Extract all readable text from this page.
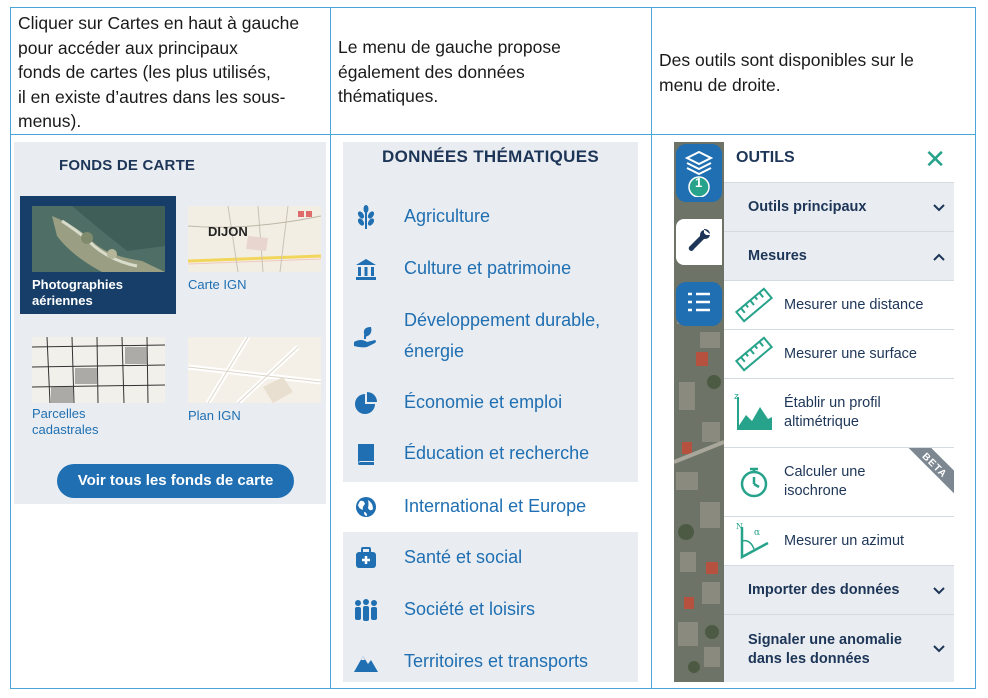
Cliquer sur Cartes en haut à gauche
pour accéder aux principaux
fonds de cartes (les plus utilisés,
il en existe d’autres dans les sous-
menus).
Le menu de gauche propose
également des données
thématiques.
Des outils sont disponibles sur le
menu de droite.
FONDS DE CARTE
Photographies aériennes
DIJON
Carte IGN
Parcelles cadastrales
Plan IGN
Voir tous les fonds de carte
DONNÉES THÉMATIQUES
Agriculture
Culture et patrimoine
Développement durable,
énergie
Économie et emploi
Éducation et recherche
International et Europe
Santé et social
Société et loisirs
Territoires et transports
1
OUTILS	✕
Outils principaux
Mesures
Mesurer une distance
Mesurer une surface
z	Établir un profil
altimétrique
Calculer une
isochrone
BETA
N
α Mesurer un azimut
Importer des données
Signaler une anomalie
dans les données
